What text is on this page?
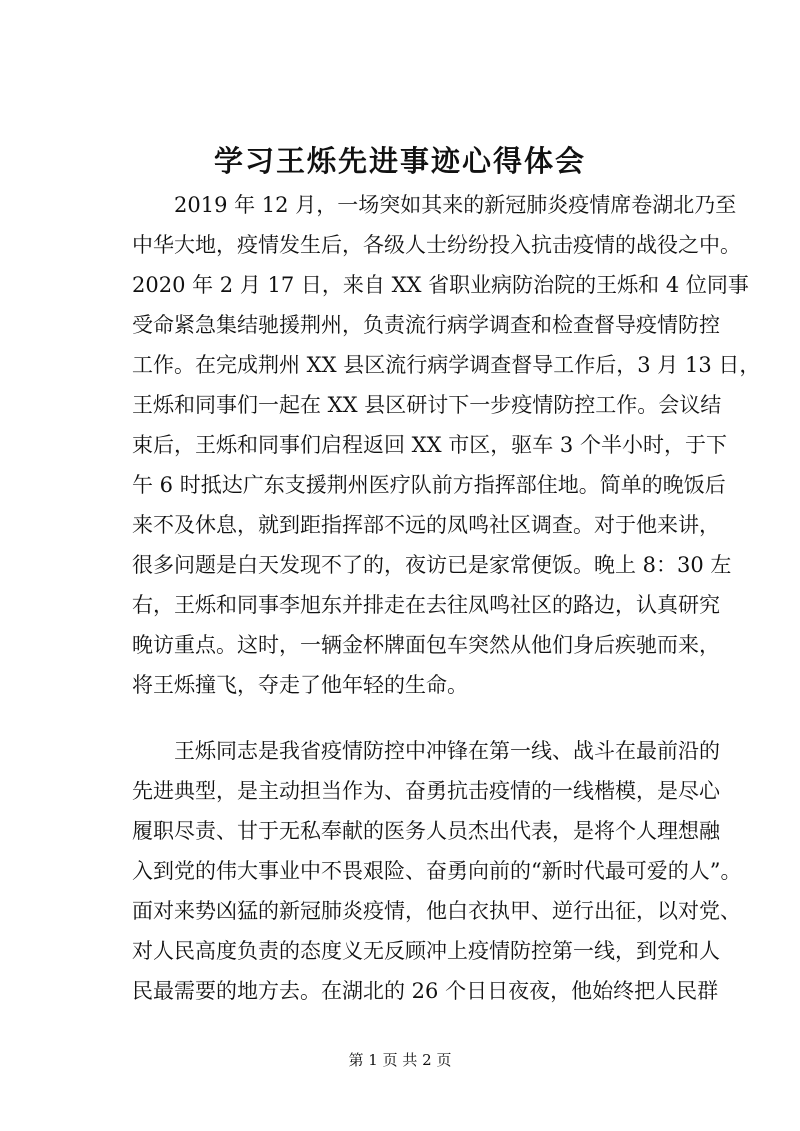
学习王烁先进事迹心得体会
2019 年 12 月，一场突如其来的新冠肺炎疫情席卷湖北乃至
中华大地，疫情发生后，各级人士纷纷投入抗击疫情的战役之中。
2020 年 2 月 17 日，来自 XX 省职业病防治院的王烁和 4 位同事
受命紧急集结驰援荆州，负责流行病学调查和检查督导疫情防控
工作。在完成荆州 XX 县区流行病学调查督导工作后，3 月 13 日，
王烁和同事们一起在 XX 县区研讨下一步疫情防控工作。会议结
束后，王烁和同事们启程返回 XX 市区，驱车 3 个半小时，于下
午 6 时抵达广东支援荆州医疗队前方指挥部住地。简单的晚饭后
来不及休息，就到距指挥部不远的凤鸣社区调查。对于他来讲，
很多问题是白天发现不了的，夜访已是家常便饭。晚上 8：30 左
右，王烁和同事李旭东并排走在去往凤鸣社区的路边，认真研究
晚访重点。这时，一辆金杯牌面包车突然从他们身后疾驰而来，
将王烁撞飞，夺走了他年轻的生命。
王烁同志是我省疫情防控中冲锋在第一线、战斗在最前沿的
先进典型，是主动担当作为、奋勇抗击疫情的一线楷模，是尽心
履职尽责、甘于无私奉献的医务人员杰出代表，是将个人理想融
入到党的伟大事业中不畏艰险、奋勇向前的“新时代最可爱的人”。
面对来势凶猛的新冠肺炎疫情，他白衣执甲、逆行出征，以对党、
对人民高度负责的态度义无反顾冲上疫情防控第一线，到党和人
民最需要的地方去。在湖北的 26 个日日夜夜，他始终把人民群
第 1 页 共 2 页
